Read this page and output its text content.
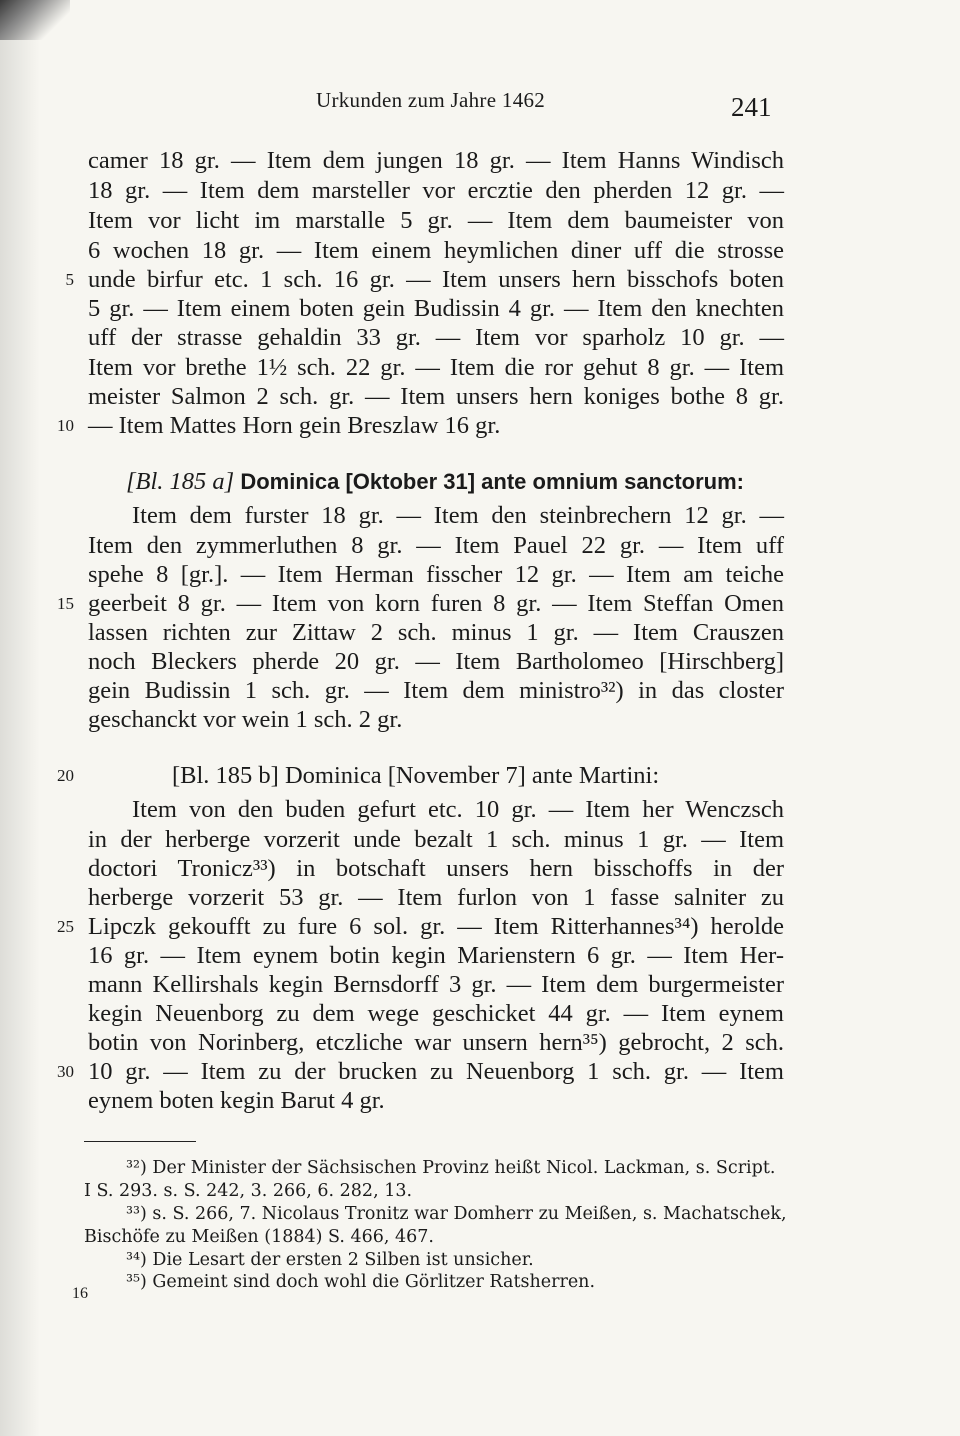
Urkunden zum Jahre 1462	241
camer 18 gr. — Item dem jungen 18 gr. — Item Hanns Windisch
18 gr. — Item dem marsteller vor ercztie den pherden 12 gr. —
Item vor licht im marstalle 5 gr. — Item dem baumeister von
6 wochen 18 gr. — Item einem heymlichen diner uff die strosse
unde birfur etc. 1 sch. 16 gr. — Item unsers hern bisschofs boten
5 gr. — Item einem boten gein Budissin 4 gr. — Item den knechten
uff der strasse gehaldin 33 gr. — Item vor sparholz 10 gr. —
Item vor brethe 1½ sch. 22 gr. — Item die ror gehut 8 gr. — Item
meister Salmon 2 sch. gr. — Item unsers hern koniges bothe 8 gr.
— Item Mattes Horn gein Breszlaw 16 gr.
[Bl. 185 a] Dominica [Oktober 31] ante omnium sanctorum:
Item dem furster 18 gr. — Item den steinbrechern 12 gr. —
Item den zymmerluthen 8 gr. — Item Pauel 22 gr. — Item uff
spehe 8 [gr.]. — Item Herman fisscher 12 gr. — Item am teiche
geerbeit 8 gr. — Item von korn furen 8 gr. — Item Steffan Omen
lassen richten zur Zittaw 2 sch. minus 1 gr. — Item Crauszen
noch Bleckers pherde 20 gr. — Item Bartholomeo [Hirschberg]
gein Budissin 1 sch. gr. — Item dem ministro³²) in das closter
geschanckt vor wein 1 sch. 2 gr.
[Bl. 185 b] Dominica [November 7] ante Martini:
Item von den buden gefurt etc. 10 gr. — Item her Wenczsch
in der herberge vorzerit unde bezalt 1 sch. minus 1 gr. — Item
doctori Tronicz³³) in botschaft unsers hern bisschoffs in der
herberge vorzerit 53 gr. — Item furlon von 1 fasse salniter zu
Lipczk gekoufft zu fure 6 sol. gr. — Item Ritterhannes³⁴) herolde
16 gr. — Item eynem botin kegin Marienstern 6 gr. — Item Her-
mann Kellirshals kegin Bernsdorff 3 gr. — Item dem burgermeister
kegin Neuenborg zu dem wege geschicket 44 gr. — Item eynem
botin von Norinberg, etczliche war unsern hern³⁵) gebrocht, 2 sch.
10 gr. — Item zu der brucken zu Neuenborg 1 sch. gr. — Item
eynem boten kegin Barut 4 gr.
5
10
15
20
25
30
³²) Der Minister der Sächsischen Provinz heißt Nicol. Lackman, s. Script.
I S. 293. s. S. 242, 3. 266, 6. 282, 13.
³³) s. S. 266, 7. Nicolaus Tronitz war Domherr zu Meißen, s. Machatschek,
Bischöfe zu Meißen (1884) S. 466, 467.
³⁴) Die Lesart der ersten 2 Silben ist unsicher.
³⁵) Gemeint sind doch wohl die Görlitzer Ratsherren.
16
